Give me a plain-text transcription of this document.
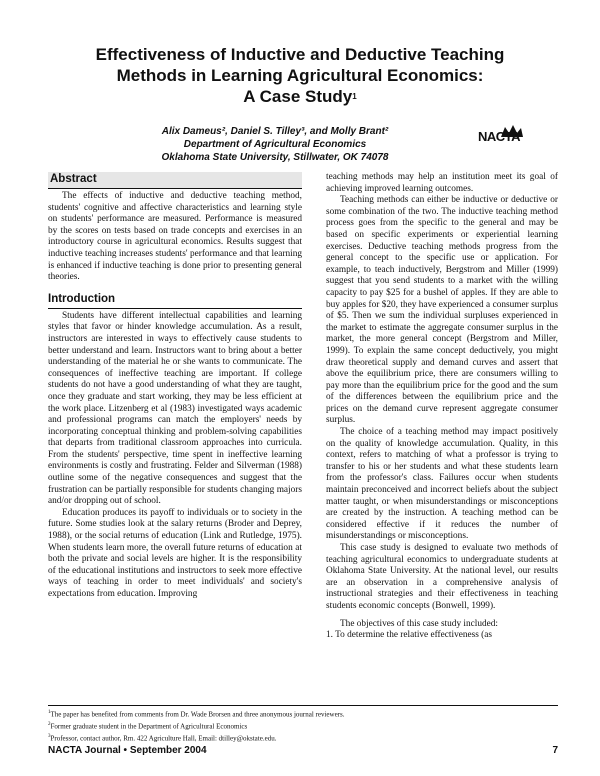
Effectiveness of Inductive and Deductive Teaching
Methods in Learning Agricultural Economics:
A Case Study$^1$
Alix Dameus², Daniel S. Tilley³, and Molly Brant²
Department of Agricultural Economics
Oklahoma State University, Stillwater, OK 74078
NACTA
Abstract

The effects of inductive and deductive teaching method, students' cognitive and affective characteristics and learning style on students' performance are measured. Performance is measured by the scores on tests based on trade concepts and exercises in an introductory course in agricultural economics. Results suggest that inductive teaching increases students' performance and that learning is enhanced if inductive teaching is done prior to presenting general theories.

Introduction

Students have different intellectual capabilities and learning styles that favor or hinder knowledge accumulation. As a result, instructors are interested in ways to effectively cause students to better understand and learn. Instructors want to bring about a better understanding of the material he or she wants to communicate. The consequences of ineffective teaching are important. If college students do not have a good understanding of what they are taught, once they graduate and start working, they may be less efficient at the work place. Litzenberg et al (1983) investigated ways academic and professional programs can match the employers' needs by incorporating conceptual thinking and problem-solving capabilities that departs from traditional classroom approaches into curricula. From the students' perspective, time spent in ineffective learning environments is costly and frustrating. Felder and Silverman (1988) outline some of the negative consequences and suggest that the frustration can be partially responsible for students changing majors and/or dropping out of school.

Education produces its payoff to individuals or to society in the future. Some studies look at the salary returns (Broder and Deprey, 1988), or the social returns of education (Link and Rutledge, 1975). When students learn more, the overall future returns of education at both the private and social levels are higher. It is the responsibility of the educational institutions and instructors to seek more effective ways of teaching in order to meet individuals' and society's expectations from education. Improving

teaching methods may help an institution meet its goal of achieving improved learning outcomes.

Teaching methods can either be inductive or deductive or some combination of the two. The inductive teaching method process goes from the specific to the general and may be based on specific experiments or experiential learning exercises. Deductive teaching methods progress from the general concept to the specific use or application. For example, to teach inductively, Bergstrom and Miller (1999) suggest that you send students to a market with the willing capacity to pay $25 for a bushel of apples. If they are able to buy apples for $20, they have experienced a consumer surplus of $5. Then we sum the individual surpluses experienced in the market to estimate the aggregate consumer surplus in the market, the more general concept (Bergstrom and Miller, 1999). To explain the same concept deductively, you might draw theoretical supply and demand curves and assert that above the equilibrium price, there are consumers willing to pay more than the equilibrium price for the good and the sum of the differences between the equilibrium price and the prices on the demand curve represent aggregate consumer surplus.

The choice of a teaching method may impact positively on the quality of knowledge accumulation. Quality, in this context, refers to matching of what a professor is trying to transfer to his or her students and what these students learn from the professor's class. Failures occur when students maintain preconceived and incorrect beliefs about the subject matter taught, or when misunderstandings or misconceptions are created by the instruction. A teaching method can be considered effective if it reduces the number of misunderstandings or misconceptions.

This case study is designed to evaluate two methods of teaching agricultural economics to undergraduate students at Oklahoma State University. At the national level, our results are an observation in a comprehensive analysis of instructional strategies and their effectiveness in teaching students economic concepts (Bonwell, 1999).

The objectives of this case study included:

1. To determine the relative effectiveness (as

$^1$The paper has benefited from comments from Dr. Wade Brorsen and three anonymous journal reviewers.
$^2$Former graduate student in the Department of Agricultural Economics
$^3$Professor, contact author, Rm. 422 Agriculture Hall, Email: dtilley@okstate.edu.
NACTA Journal • September 2004	7
